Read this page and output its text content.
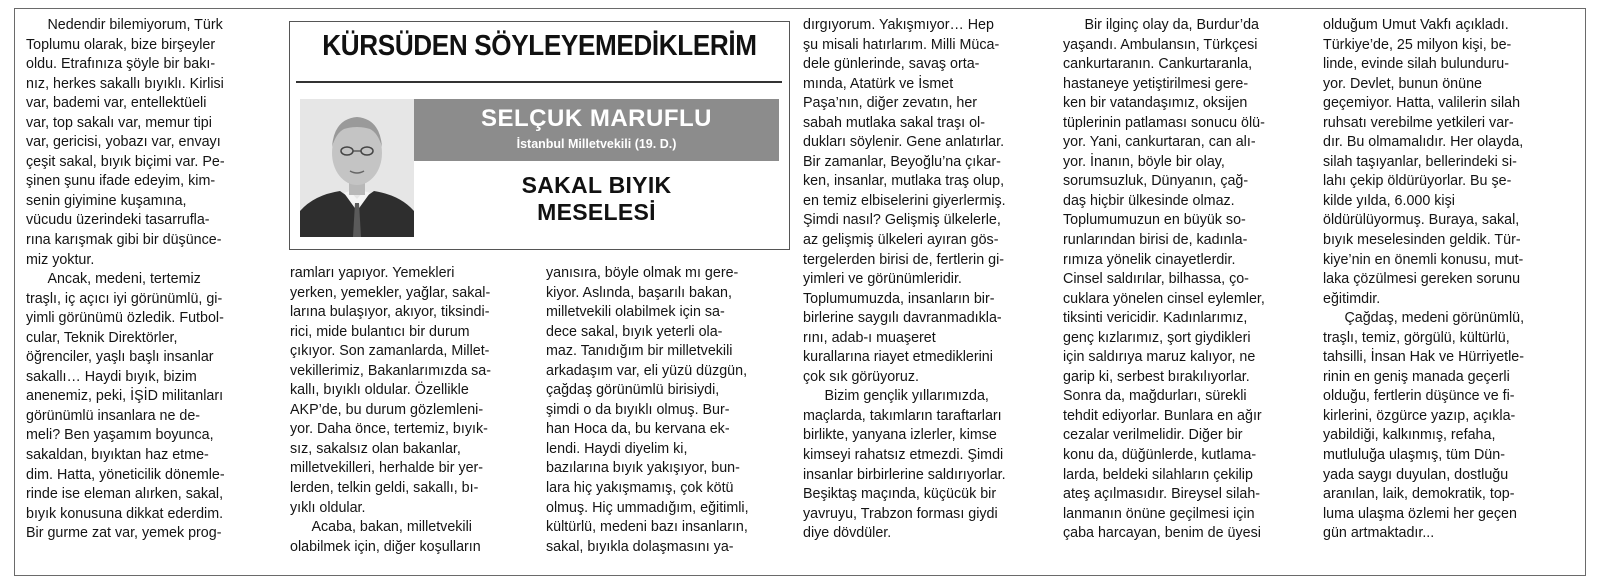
KÜRSÜDEN SÖYLEYEMEDİKLERİM
SELÇUK MARUFLU
İstanbul Milletvekili (19. D.)
SAKAL BIYIK
MESELESİ

  Nedendir bilemiyorum, Türk

Toplumu olarak, bize birşeyler

oldu. Etrafınıza şöyle bir bakı-

nız, herkes sakallı bıyıklı. Kirlisi

var, bademi var, entellektüeli

var, top sakalı var, memur tipi

var, gericisi, yobazı var, envayı

çeşit sakal, bıyık biçimi var. Pe-

şinen şunu ifade edeyim, kim-

senin giyimine kuşamına,

vücudu üzerindeki tasarrufla-

rına karışmak gibi bir düşünce-

miz yoktur.

  Ancak, medeni, tertemiz

traşlı, iç açıcı iyi görünümlü, gi-

yimli görünümü özledik. Futbol-

cular, Teknik Direktörler,

öğrenciler, yaşlı başlı insanlar

sakallı… Haydi bıyık, bizim

anenemiz, peki, İŞİD militanları

görünümlü insanlara ne de-

meli? Ben yaşamım boyunca,

sakaldan, bıyıktan haz etme-

dim. Hatta, yöneticilik dönemle-

rinde ise eleman alırken, sakal,

bıyık konusuna dikkat ederdim.

Bir gurme zat var, yemek prog-

ramları yapıyor. Yemekleri

yerken, yemekler, yağlar, sakal-

larına bulaşıyor, akıyor, tiksindi-

rici, mide bulantıcı bir durum

çıkıyor. Son zamanlarda, Millet-

vekillerimiz, Bakanlarımızda sa-

kallı, bıyıklı oldular. Özellikle

AKP’de, bu durum gözlemleni-

yor. Daha önce, tertemiz, bıyık-

sız, sakalsız olan bakanlar,

milletvekilleri, herhalde bir yer-

lerden, telkin geldi, sakallı, bı-

yıklı oldular.

  Acaba, bakan, milletvekili

olabilmek için, diğer koşulların

yanısıra, böyle olmak mı gere-

kiyor. Aslında, başarılı bakan,

milletvekili olabilmek için sa-

dece sakal, bıyık yeterli ola-

maz. Tanıdığım bir milletvekili

arkadaşım var, eli yüzü düzgün,

çağdaş görünümlü birisiydi,

şimdi o da bıyıklı olmuş. Bur-

han Hoca da, bu kervana ek-

lendi. Haydi diyelim ki,

bazılarına bıyık yakışıyor, bun-

lara hiç yakışmamış, çok kötü

olmuş. Hiç ummadığım, eğitimli,

kültürlü, medeni bazı insanların,

sakal, bıyıkla dolaşmasını ya-

dırgıyorum. Yakışmıyor… Hep

şu misali hatırlarım. Milli Müca-

dele günlerinde, savaş orta-

mında, Atatürk ve İsmet

Paşa’nın, diğer zevatın, her

sabah mutlaka sakal traşı ol-

dukları söylenir. Gene anlatırlar.

Bir zamanlar, Beyoğlu’na çıkar-

ken, insanlar, mutlaka traş olup,

en temiz elbiselerini giyerlermiş.

Şimdi nasıl? Gelişmiş ülkelerle,

az gelişmiş ülkeleri ayıran gös-

tergelerden birisi de, fertlerin gi-

yimleri ve görünümleridir.

Toplumumuzda, insanların bir-

birlerine saygılı davranmadıkla-

rını, adab-ı muaşeret

kurallarına riayet etmediklerini

çok sık görüyoruz.

  Bizim gençlik yıllarımızda,

maçlarda, takımların taraftarları

birlikte, yanyana izlerler, kimse

kimseyi rahatsız etmezdi. Şimdi

insanlar birbirlerine saldırıyorlar.

Beşiktaş maçında, küçücük bir

yavruyu, Trabzon forması giydi

diye dövdüler.

  Bir ilginç olay da, Burdur’da

yaşandı. Ambulansın, Türkçesi

cankurtaranın. Cankurtaranla,

hastaneye yetiştirilmesi gere-

ken bir vatandaşımız, oksijen

tüplerinin patlaması sonucu ölü-

yor. Yani, cankurtaran, can alı-

yor. İnanın, böyle bir olay,

sorumsuzluk, Dünyanın, çağ-

daş hiçbir ülkesinde olmaz.

Toplumumuzun en büyük so-

runlarından birisi de, kadınla-

rımıza yönelik cinayetlerdir.

Cinsel saldırılar, bilhassa, ço-

cuklara yönelen cinsel eylemler,

tiksinti vericidir. Kadınlarımız,

genç kızlarımız, şort giydikleri

için saldırıya maruz kalıyor, ne

garip ki, serbest bırakılıyorlar.

Sonra da, mağdurları, sürekli

tehdit ediyorlar. Bunlara en ağır

cezalar verilmelidir. Diğer bir

konu da, düğünlerde, kutlama-

larda, beldeki silahların çekilip

ateş açılmasıdır. Bireysel silah-

lanmanın önüne geçilmesi için

çaba harcayan, benim de üyesi

olduğum Umut Vakfı açıkladı.

Türkiye’de, 25 milyon kişi, be-

linde, evinde silah bulunduru-

yor. Devlet, bunun önüne

geçemiyor. Hatta, valilerin silah

ruhsatı verebilme yetkileri var-

dır. Bu olmamalıdır. Her olayda,

silah taşıyanlar, bellerindeki si-

lahı çekip öldürüyorlar. Bu şe-

kilde yılda, 6.000 kişi

öldürülüyormuş. Buraya, sakal,

bıyık meselesinden geldik. Tür-

kiye’nin en önemli konusu, mut-

laka çözülmesi gereken sorunu

eğitimdir.

  Çağdaş, medeni görünümlü,

traşlı, temiz, görgülü, kültürlü,

tahsilli, İnsan Hak ve Hürriyetle-

rinin en geniş manada geçerli

olduğu, fertlerin düşünce ve fi-

kirlerini, özgürce yazıp, açıkla-

yabildiği, kalkınmış, refaha,

mutluluğa ulaşmış, tüm Dün-

yada saygı duyulan, dostluğu

aranılan, laik, demokratik, top-

luma ulaşma özlemi her geçen

gün artmaktadır...
